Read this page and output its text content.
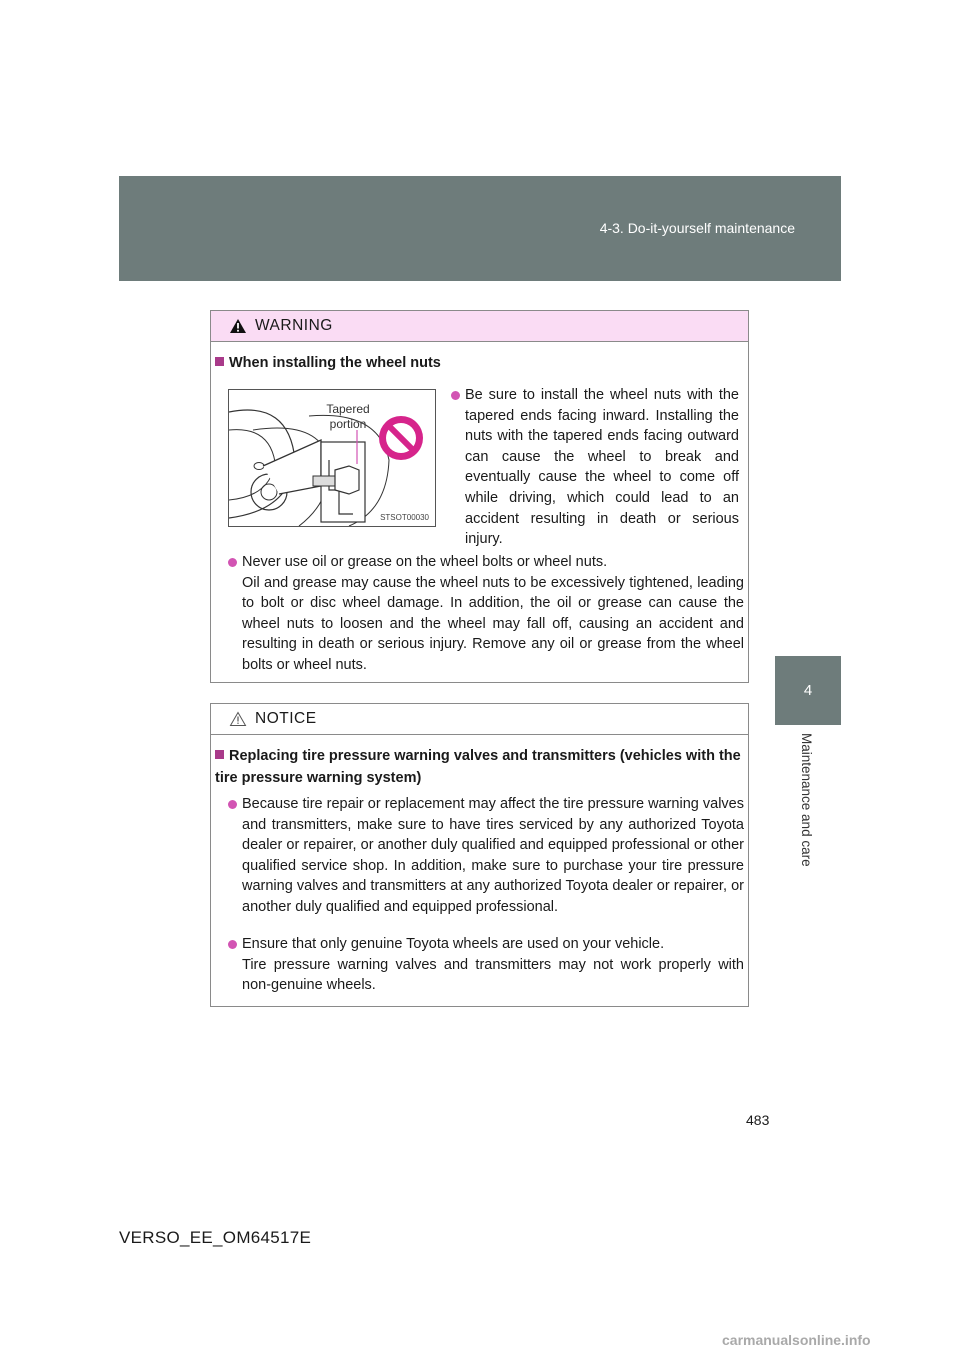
4-3. Do-it-yourself maintenance
4
Maintenance and care
WARNING
When installing the wheel nuts
Tapered portion
STSOT00030
Be sure to install the wheel nuts with the tapered ends facing inward. Installing the nuts with the tapered ends facing outward can cause the wheel to break and eventually cause the wheel to come off while driving, which could lead to an accident resulting in death or serious injury.
Never use oil or grease on the wheel bolts or wheel nuts.
Oil and grease may cause the wheel nuts to be excessively tightened, leading to bolt or disc wheel damage. In addition, the oil or grease can cause the wheel nuts to loosen and the wheel may fall off, causing an accident and resulting in death or serious injury. Remove any oil or grease from the wheel bolts or wheel nuts.
NOTICE
Replacing tire pressure warning valves and transmitters (vehicles with the tire pressure warning system)
Because tire repair or replacement may affect the tire pressure warning valves and transmitters, make sure to have tires serviced by any authorized Toyota dealer or repairer, or another duly qualified and equipped professional or other qualified service shop. In addition, make sure to purchase your tire pressure warning valves and transmitters at any authorized Toyota dealer or repairer, or another duly qualified and equipped professional.
Ensure that only genuine Toyota wheels are used on your vehicle.
Tire pressure warning valves and transmitters may not work properly with non-genuine wheels.
483
VERSO_EE_OM64517E
carmanualsonline.info
